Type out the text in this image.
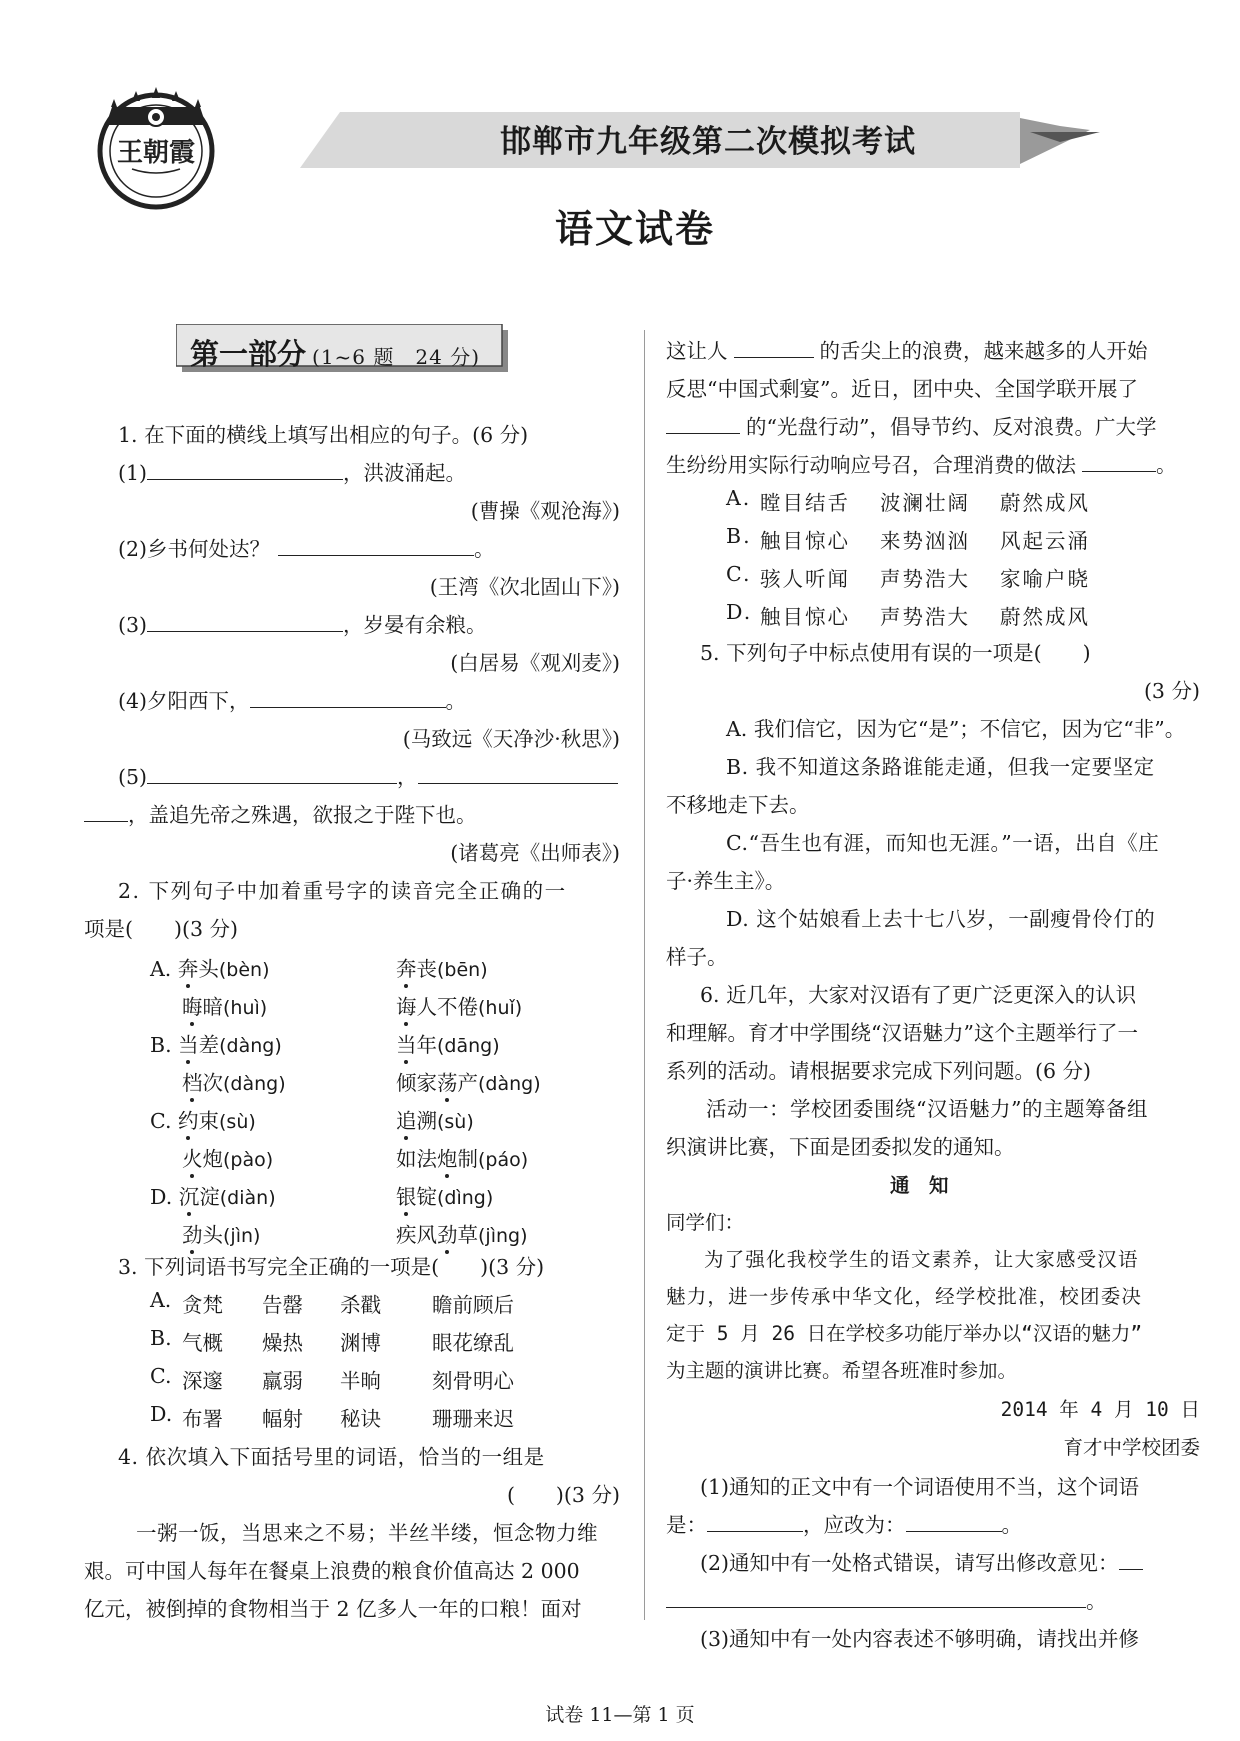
王朝霞	邯郸市九年级第二次模拟考试
语文试卷
第一部分 (1~6 题　24 分)
1. 在下面的横线上填写出相应的句子。(6 分)
(1)	，洪波涌起。
(曹操《观沧海》)
(2)乡书何处达？	。
(王湾《次北固山下》)
(3)	，岁晏有余粮。
(白居易《观刈麦》)
(4)夕阳西下，	。
(马致远《天净沙·秋思》)
(5)	，
，盖追先帝之殊遇，欲报之于陛下也。
(诸葛亮《出师表》)
2. 下列句子中加着重号字的读音完全正确的一
项是(　　)(3 分)
3. 下列词语书写完全正确的一项是(　　)(3 分)
4. 依次填入下面括号里的词语，恰当的一组是
(　　)(3 分)
一粥一饭，当思来之不易；半丝半缕，恒念物力维
艰。可中国人每年在餐桌上浪费的粮食价值高达 2 000
亿元，被倒掉的食物相当于 2 亿多人一年的口粮！面对
A. 奔头(bèn)	奔丧(bēn)
晦暗(huì)	诲人不倦(huǐ)
B. 当差(dàng)	当年(dāng)
档次(dàng)	倾家荡产(dàng)
C. 约束(sù)	追溯(sù)
火炮(pào)	如法炮制(páo)
D. 沉淀(diàn)	银锭(dìng)
劲头(jìn)	疾风劲草(jìng)
A. 贪梵 告罄 杀戳 瞻前顾后
B. 气概 燥热 渊博 眼花缭乱
C. 深邃 羸弱 半晌 刻骨明心
D. 布署 幅射 秘诀 珊珊来迟
这让人	的舌尖上的浪费，越来越多的人开始
反思“中国式剩宴”。近日，团中央、全国学联开展了
的“光盘行动”，倡导节约、反对浪费。广大学
生纷纷用实际行动响应号召，合理消费的做法	。
5. 下列句子中标点使用有误的一项是(　　)
(3 分)
A. 我们信它，因为它“是”；不信它，因为它“非”。
B. 我不知道这条路谁能走通，但我一定要坚定
不移地走下去。
C.“吾生也有涯，而知也无涯。”一语，出自《庄
子·养生主》。
D. 这个姑娘看上去十七八岁，一副瘦骨伶仃的
样子。
6. 近几年，大家对汉语有了更广泛更深入的认识
和理解。育才中学围绕“汉语魅力”这个主题举行了一
系列的活动。请根据要求完成下列问题。(6 分)
活动一：学校团委围绕“汉语魅力”的主题筹备组
织演讲比赛，下面是团委拟发的通知。
通　知
同学们：
为了强化我校学生的语文素养，让大家感受汉语
魅力，进一步传承中华文化，经学校批准，校团委决
定于 5 月 26 日在学校多功能厅举办以“汉语的魅力”
为主题的演讲比赛。希望各班准时参加。
2014 年 4 月 10 日
育才中学校团委
(1)通知的正文中有一个词语使用不当，这个词语
是：	，应改为：	。
(2)通知中有一处格式错误，请写出修改意见：
。
(3)通知中有一处内容表述不够明确，请找出并修
A. 瞠目结舌 波澜壮阔 蔚然成风
B. 触目惊心 来势汹汹 风起云涌
C. 骇人听闻 声势浩大 家喻户晓
D. 触目惊心 声势浩大 蔚然成风
试卷 11—第 1 页
